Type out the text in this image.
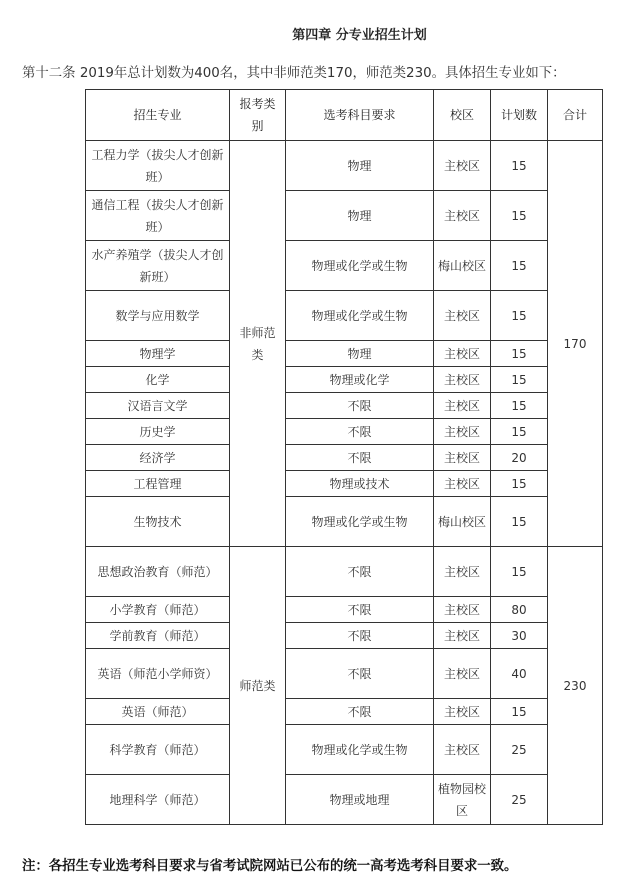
第四章 分专业招生计划
第十二条 2019年总计划数为400名，其中非师范类170，师范类230。具体招生专业如下：
招生专业	报考类别	选考科目要求	校区	计划数	合计
工程力学（拔尖人才创新班）	非师范类	物理	主校区	15	170
通信工程（拔尖人才创新班）		物理	主校区	15	
水产养殖学（拔尖人才创新班）		物理或化学或生物	梅山校区	15	
数学与应用数学		物理或化学或生物	主校区	15	
物理学		物理	主校区	15	
化学		物理或化学	主校区	15	
汉语言文学		不限	主校区	15	
历史学		不限	主校区	15	
经济学		不限	主校区	20	
工程管理		物理或技术	主校区	15	
生物技术		物理或化学或生物	梅山校区	15	
思想政治教育（师范）	师范类	不限	主校区	15	230
小学教育（师范）		不限	主校区	80	
学前教育（师范）		不限	主校区	30	
英语（师范小学师资）		不限	主校区	40	
英语（师范）		不限	主校区	15	
科学教育（师范）		物理或化学或生物	主校区	25	
地理科学（师范）		物理或地理	植物园校区	25	
注：各招生专业选考科目要求与省考试院网站已公布的统一高考选考科目要求一致。
